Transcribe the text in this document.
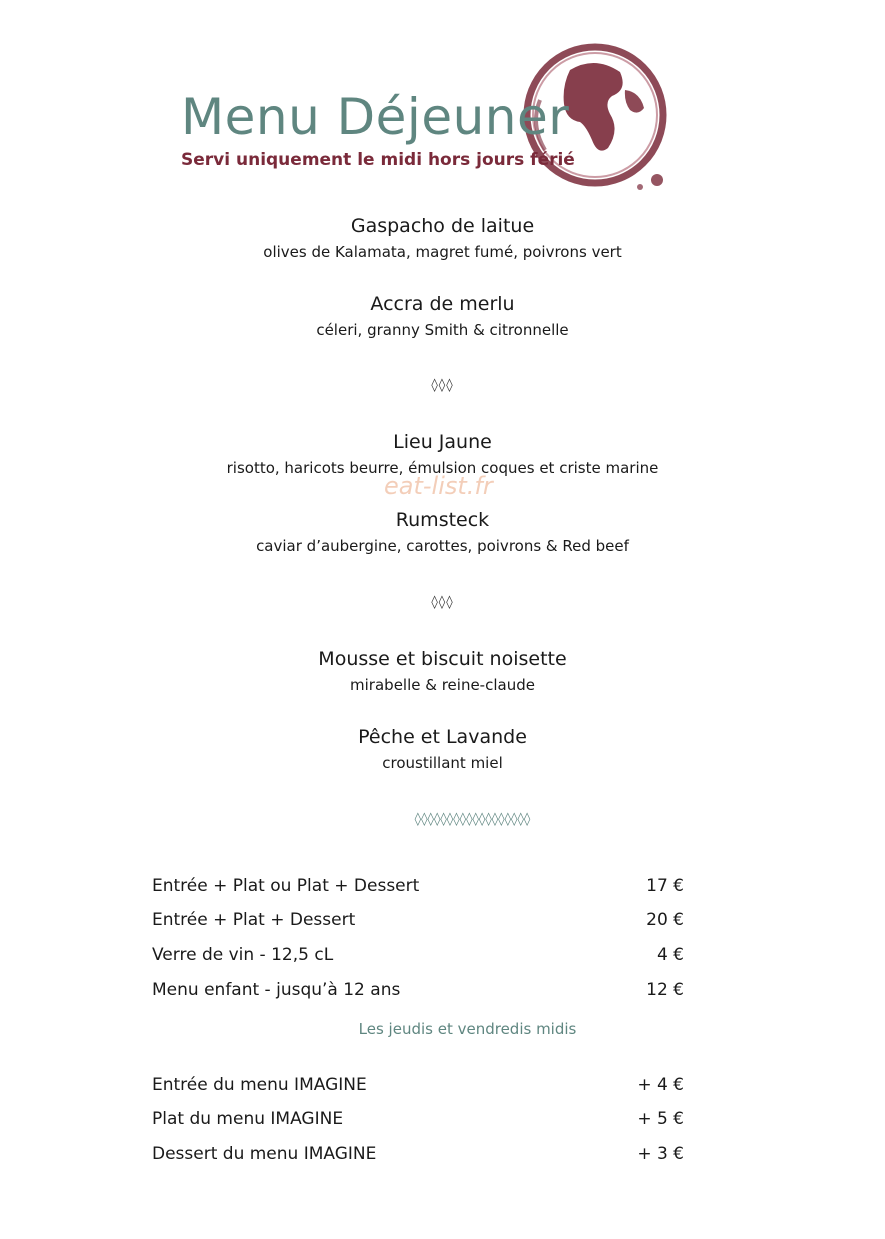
Menu Déjeuner
Servi uniquement le midi hors jours férié
Gaspacho de laitue
olives de Kalamata, magret fumé, poivrons vert
Accra de merlu
céleri, granny Smith & citronnelle
◊◊◊
Lieu Jaune
risotto, haricots beurre, émulsion coques et criste marine
eat-list.fr
Rumsteck
caviar d’aubergine, carottes, poivrons & Red beef
◊◊◊
Mousse et biscuit noisette
mirabelle & reine-claude
Pêche et Lavande
croustillant miel
◊◊◊◊◊◊◊◊◊◊◊◊◊◊◊◊◊◊
Entrée + Plat ou Plat + Dessert	17 €
Entrée + Plat + Dessert	20 €
Verre de vin - 12,5 cL	4 €
Menu enfant - jusqu’à 12 ans	12 €
Les jeudis et vendredis midis
Entrée du menu IMAGINE	+ 4 €
Plat du menu IMAGINE	+ 5 €
Dessert du menu IMAGINE	+ 3 €
